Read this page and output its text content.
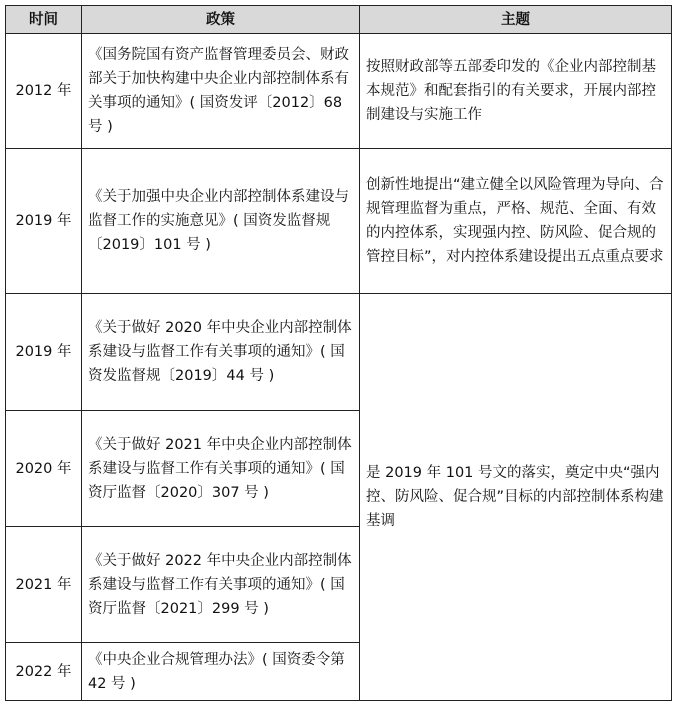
时间	政策	主题
2012 年	《国务院国有资产监督管理委员会、财政部关于加快构建中央企业内部控制体系有关事项的通知》( 国资发评〔2012〕68 号 )	按照财政部等五部委印发的《企业内部控制基本规范》和配套指引的有关要求，开展内部控制建设与实施工作
2019 年	《关于加强中央企业内部控制体系建设与监督工作的实施意见》( 国资发监督规〔2019〕101 号 )	创新性地提出“建立健全以风险管理为导向、合规管理监督为重点，严格、规范、全面、有效的内控体系，实现强内控、防风险、促合规的管控目标”，对内控体系建设提出五点重点要求
2019 年	《关于做好 2020 年中央企业内部控制体系建设与监督工作有关事项的通知》( 国资发监督规〔2019〕44 号 )	是 2019 年 101 号文的落实，奠定中央“强内控、防风险、促合规”目标的内部控制体系构建基调
2020 年	《关于做好 2021 年中央企业内部控制体系建设与监督工作有关事项的通知》( 国资厅监督〔2020〕307 号 )	
2021 年	《关于做好 2022 年中央企业内部控制体系建设与监督工作有关事项的通知》( 国资厅监督〔2021〕299 号 )	
2022 年	《中央企业合规管理办法》( 国资委令第 42 号 )	
